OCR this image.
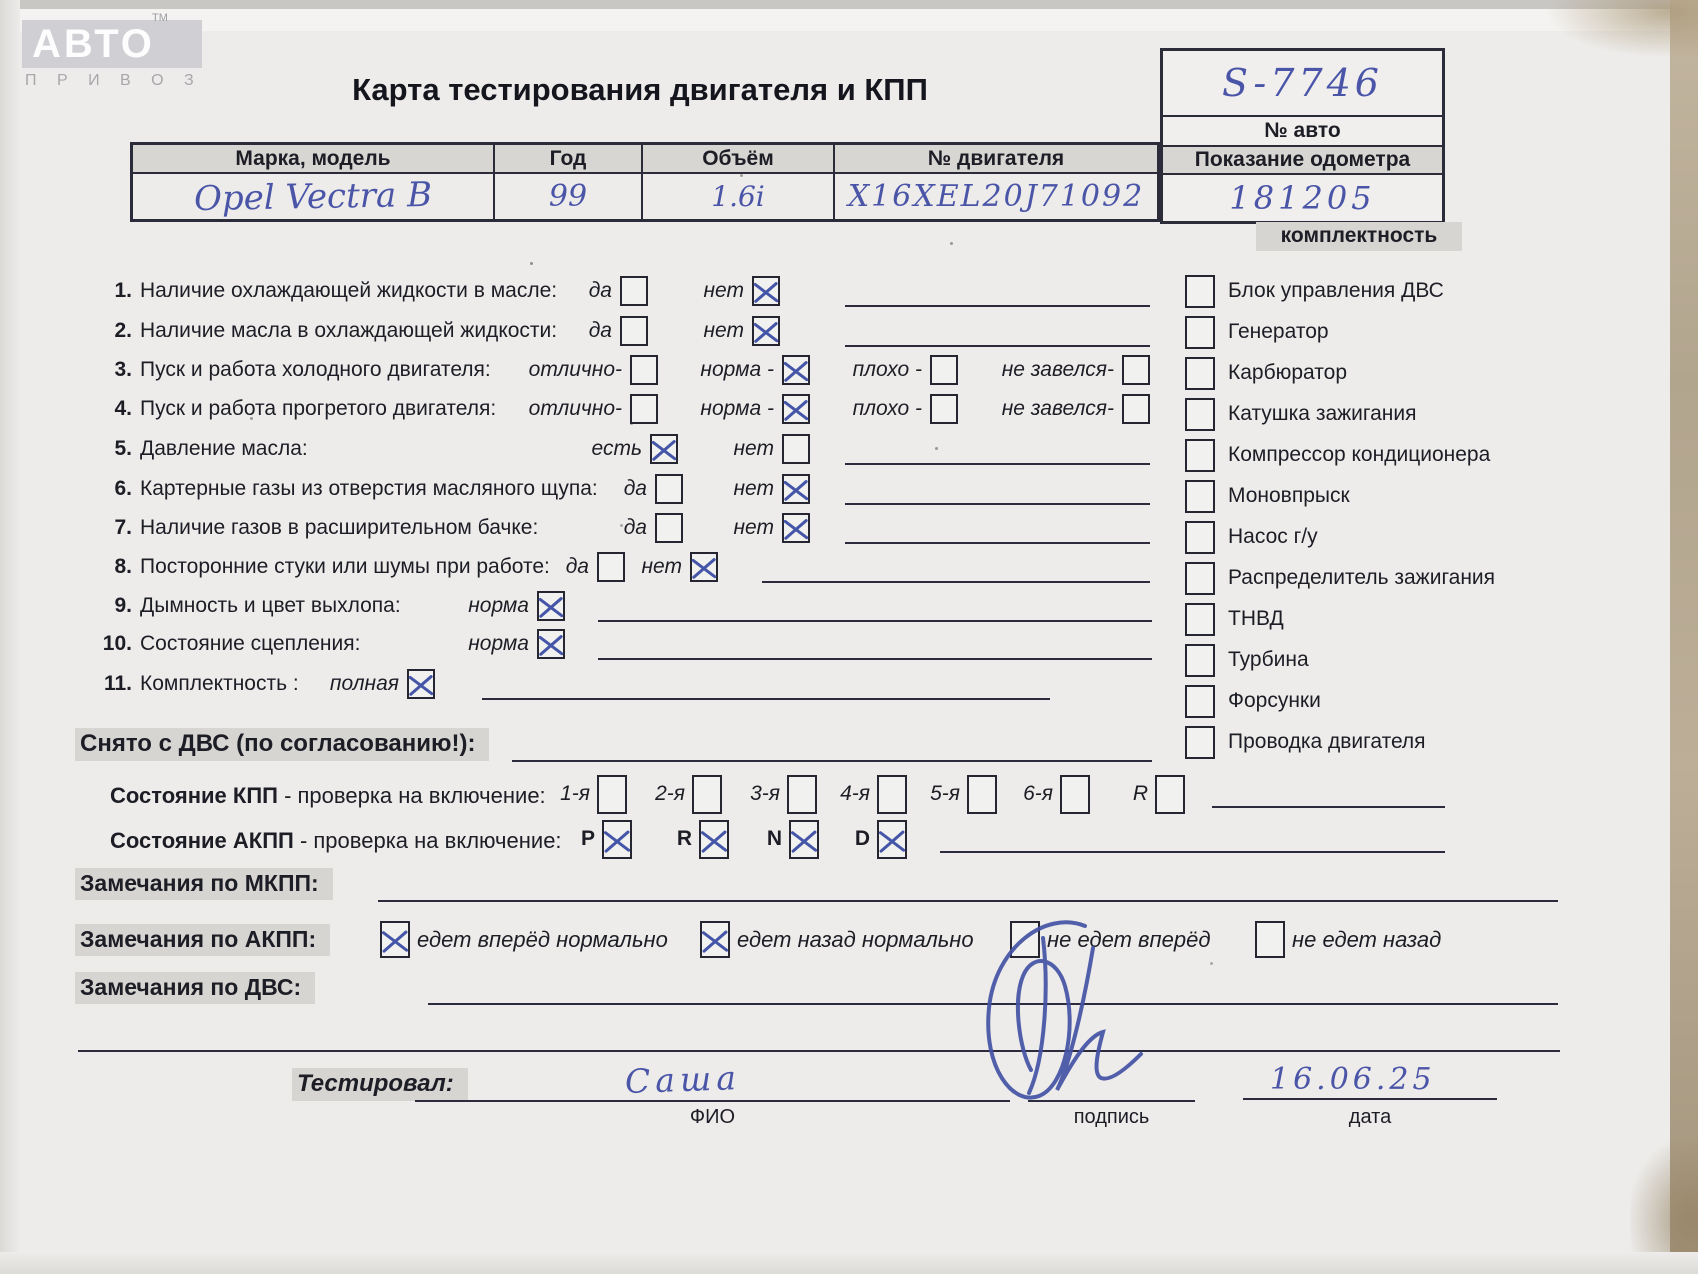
АВТО
П Р И В О З
ТМ
Карта тестирования двигателя и КПП
Марка, модель	Год	Объём	№ двигателя
Opel Vectra B	99	1.6i	X16XEL20J71092
S-7746
№ авто
Показание одометра
181205
комплектность
1. Наличие охлаждающей жидкости в масле: да	нет
2. Наличие масла в охлаждающей жидкости: да	нет
3. Пуск и работа холодного двигателя: отлично-	норма -	плохо -	не завелся-
4. Пуск и работа прогретого двигателя: отлично-	норма -	плохо -	не завелся-
5. Давление масла:	есть	нет
6. Картерные газы из отверстия масляного щупа: да	нет
7. Наличие газов в расширительном бачке:	да	нет
8. Посторонние стуки или шумы при работе: да	нет
9. Дымность и цвет выхлопа:	норма
10. Состояние сцепления:	норма
11. Комплектность : полная
Блок управления ДВС
Генератор
Карбюратор
Катушка зажигания
Компрессор кондиционера
Моновпрыск
Насос г/у
Распределитель зажигания
ТНВД
Турбина
Форсунки
Проводка двигателя
Снято с ДВС (по согласованию!):
Состояние КПП - проверка на включение: 1-я	2-я	3-я	4-я	5-я	6-я	R
Состояние АКПП - проверка на включение: P	R	N	D
Замечания по МКПП:
Замечания по АКПП:	едет вперёд нормально	едет назад нормально	не едет вперёд	не едет назад
Замечания по ДВС:
Тестировал:	Саша
ФИО	подпись
16.06.25
дата
